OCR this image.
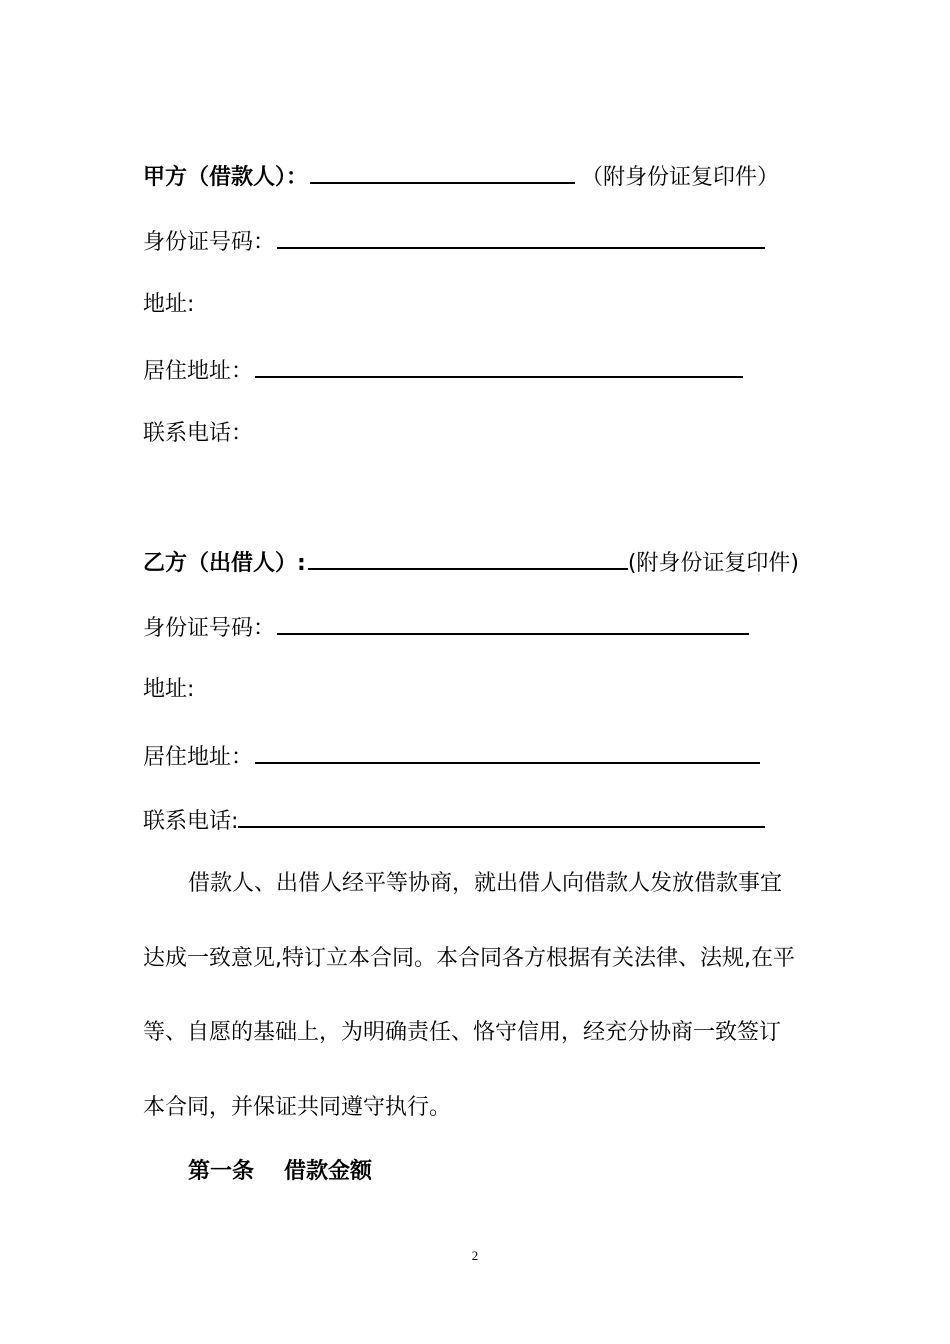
甲方（借款人）：	（附身份证复印件）
身份证号码：
地址:
居住地址：
联系电话：
乙方（出借人）:	(附身份证复印件)
身份证号码：
地址:
居住地址：
联系电话:
借款人、出借人经平等协商，就出借人向借款人发放借款事宜
达成一致意见,特订立本合同。本合同各方根据有关法律、法规,在平
等、自愿的基础上，为明确责任、恪守信用，经充分协商一致签订
本合同，并保证共同遵守执行。
第一条 借款金额
2
